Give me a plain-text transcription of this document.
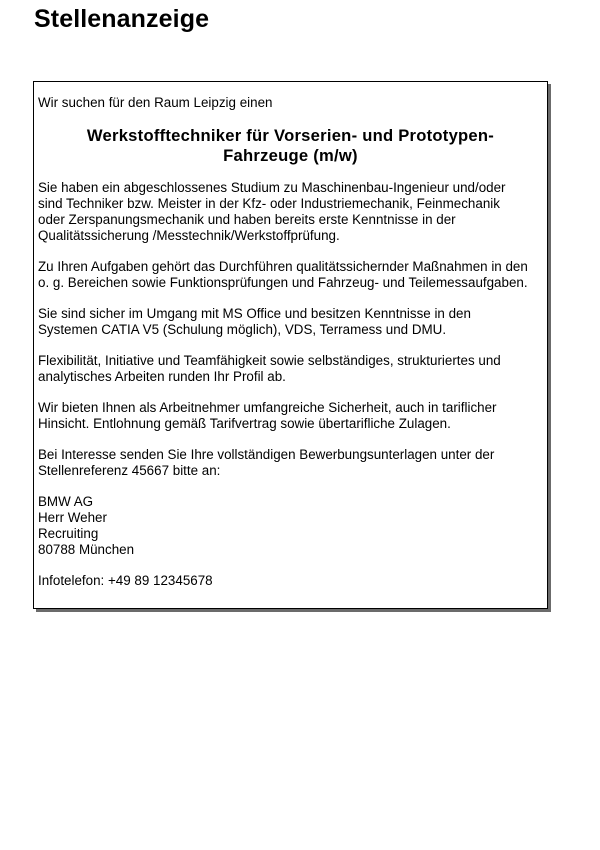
Stellenanzeige

Wir suchen für den Raum Leipzig einen

Werkstofftechniker für Vorserien- und Prototypen-
Fahrzeuge (m/w)
Sie haben ein abgeschlossenes Studium zu Maschinenbau-Ingenieur und/oder
sind Techniker bzw. Meister in der Kfz- oder Industriemechanik, Feinmechanik
oder Zerspanungsmechanik und haben bereits erste Kenntnisse in der
Qualitätssicherung /Messtechnik/Werkstoffprüfung.
Zu Ihren Aufgaben gehört das Durchführen qualitätssichernder Maßnahmen in den
o. g. Bereichen sowie Funktionsprüfungen und Fahrzeug- und Teilemessaufgaben.
Sie sind sicher im Umgang mit MS Office und besitzen Kenntnisse in den
Systemen CATIA V5 (Schulung möglich), VDS, Terramess und DMU.
Flexibilität, Initiative und Teamfähigkeit sowie selbständiges, strukturiertes und
analytisches Arbeiten runden Ihr Profil ab.
Wir bieten Ihnen als Arbeitnehmer umfangreiche Sicherheit, auch in tariflicher
Hinsicht. Entlohnung gemäß Tarifvertrag sowie übertarifliche Zulagen.
Bei Interesse senden Sie Ihre vollständigen Bewerbungsunterlagen unter der
Stellenreferenz 45667 bitte an:
BMW AG
Herr Weher
Recruiting
80788 München

Infotelefon: +49 89 12345678
